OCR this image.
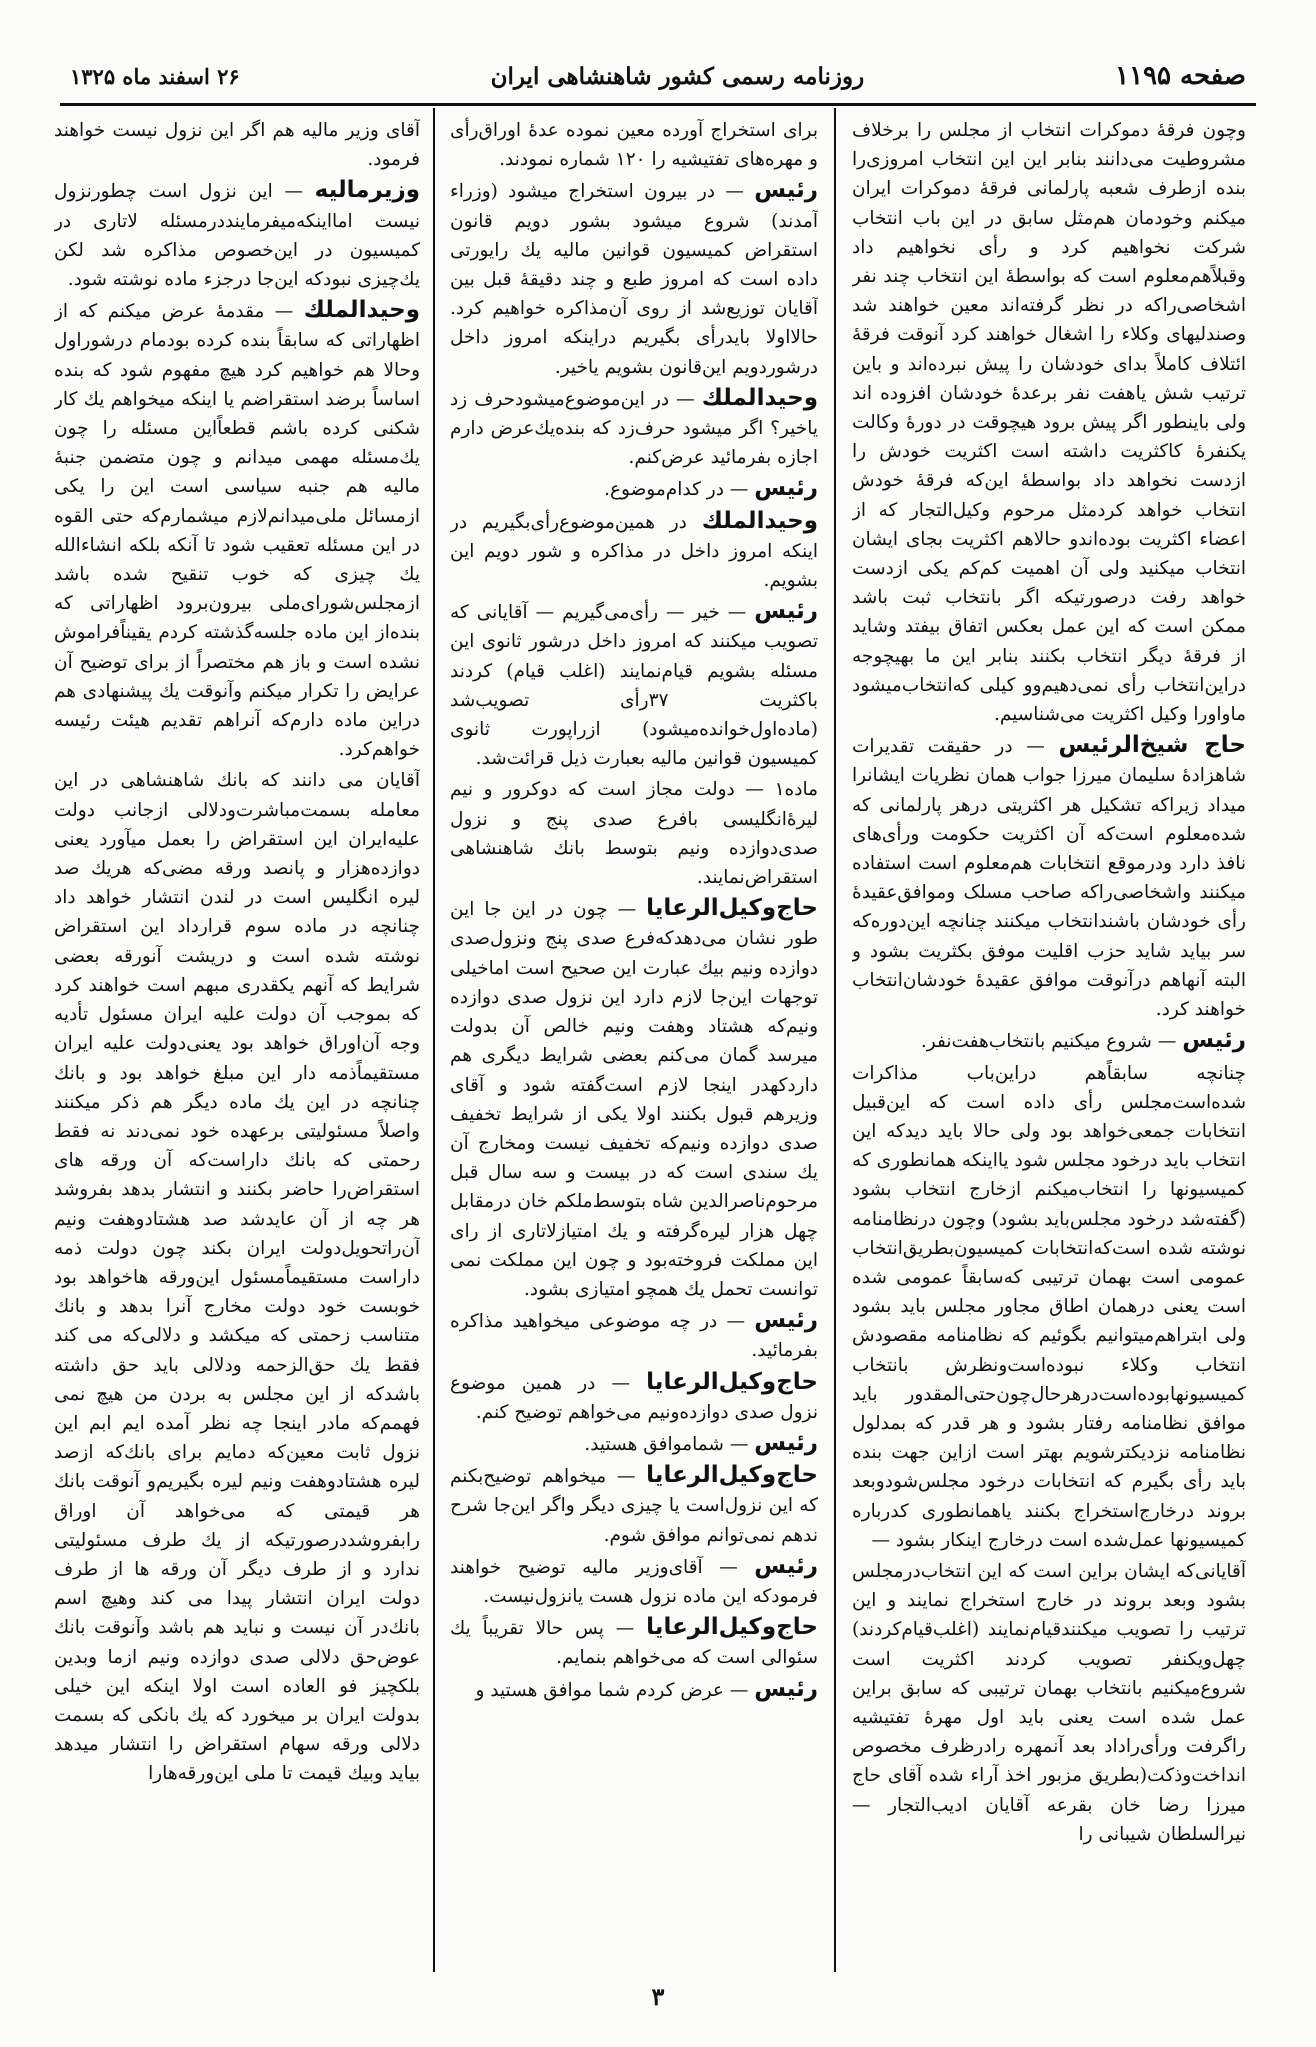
صفحه ۱۱۹۵
روزنامه رسمی کشور شاهنشاهی ایران
۲۶ اسفند ماه ۱۳۲۵

وچون فرقهٔ دموکرات انتخاب از مجلس را برخلاف مشروطیت می‌دانند بنابر این این انتخاب امروزی‌را بنده ازطرف شعبه پارلمانی فرقهٔ دموکرات ایران میکنم وخودمان هم‌مثل سابق در این باب انتخاب شرکت نخواهیم کرد و رأی نخواهیم داد وقبلاًهم‌معلوم است که بواسطهٔ این انتخاب چند نفر اشخاصی‌راکه در نظر گرفته‌اند معین خواهند شد وصندلیهای وکلاء را اشغال خواهند کرد آنوقت فرقهٔ ائتلاف کاملاً بدای خودشان را پیش نبرده‌اند و باین ترتیب شش یاهفت نفر برعدهٔ خودشان افزوده اند ولی باینطور اگر پیش برود هیچوقت در دورهٔ وکالت یکنفرهٔ کاکثریت داشته است اکثریت خودش را ازدست نخواهد داد بواسطهٔ این‌که فرقهٔ خودش انتخاب خواهد کرد‌مثل مرحوم وکیل‌التجار که از اعضاء اکثریت بوده‌اندو حالاهم اکثریت بجای ایشان انتخاب میکنید ولی آن اهمیت کم‌کم یکی ازدست خواهد رفت درصورتیکه اگر بانتخاب ثبت باشد ممکن است که این عمل بعکس اتفاق بیفتد وشاید از فرقهٔ دیگر انتخاب بکنند بنابر این ما بهیچوجه دراین‌انتخاب رأی نمی‌دهیم‌وو کیلی که‌انتخاب‌میشود ماواورا وکیل اکثریت می‌شناسیم.

حاج شیخ‌الرئیس — در حقیقت تقدیرات شاهزادهٔ سلیمان میرزا جواب همان نظریات ایشانرا میداد زیراکه تشکیل هر اکثریتی درهر پارلمانی که شده‌معلوم است‌که آن اکثریت حکومت ورأی‌های نافذ دارد ودرموقع انتخابات هم‌معلوم است استفاده میکنند واشخاصی‌راکه صاحب مسلک وموافق‌عقیدهٔ رأی خودشان باشندانتخاب میکنند چنانچه این‌دوره‌که سر بیاید شاید حزب اقلیت موفق بکثریت بشود و البته آنهاهم درآنوقت موافق عقیدهٔ خودشان‌انتخاب خواهند کرد.

رئیس — شروع میکنیم بانتخاب‌هفت‌نفر.

چنانچه سابقاًهم دراین‌باب مذاکرات شده‌است‌مجلس رأی داده است که این‌قبیل انتخابات جمعی‌خواهد بود ولی حالا باید دیدکه این انتخاب باید درخود مجلس شود یااینکه همانطوری که کمیسیونها را انتخاب‌میکنم ازخارج انتخاب بشود (گفته‌شد درخود مجلس‌باید بشود) وچون درنظامنامه نوشته شده است‌که‌انتخابات کمیسیون‌بطریق‌انتخاب عمومی است بهمان ترتیبی که‌سابقاً عمومی شده است یعنی درهمان اطاق مجاور مجلس باید بشود ولی ابتراهم‌میتوانیم بگوئیم که نظامنامه مقصودش انتخاب وکلاء نبوده‌است‌ونظرش بانتخاب کمیسیونها‌بوده‌است‌درهرحال‌چون‌حتی‌المقدور باید موافق نظامنامه رفتار بشود و هر قدر که بمدلول نظامنامه نزدیکترشویم بهتر است ازاین جهت بنده باید رأی بگیرم که انتخابات درخود مجلس‌شودوبعد بروند درخارج‌استخراج بکنند یاهمانطوری کدرباره کمیسیونها عمل‌شده است درخارج اینکار بشود —

آقایانی‌که ایشان براین است که این انتخاب‌درمجلس بشود وبعد بروند در خارج استخراج نمایند و این ترتیب را تصویب میکنند‌قیام‌نمایند (اغلب‌قیام‌کردند) چهل‌ویکنفر تصویب کردند اکثریت است شروع‌میکنیم بانتخاب بهمان ترتیبی که سابق براین عمل شده است یعنی باید اول مهرهٔ تفتیشیه راگرفت ورأی‌راداد بعد آنمهره رادرظرف مخصوص انداخت‌وذکت(بطریق مزبور اخذ آراء شده آقای حاج میرزا رضا خان بقرعه آقایان ادیب‌التجار — نیرالسلطان شیبانی را

برای استخراج آورده معین نموده عدهٔ اوراق‌رأی و مهره‌های تفتیشیه را ۱۲۰ شماره نمودند.

رئیس — در بیرون استخراج میشود (وزراء آمدند) شروع میشود بشور دویم قانون استقراض کمیسیون قوانین مالیه یك رایورتی داده است که امروز طبع و چند دقیقهٔ قبل بین آقایان توزیع‌شد از روی آن‌مذاکره خواهیم کرد. حالااولا بایدرأی بگیریم دراینکه امروز داخل درشوردویم این‌قانون بشویم یاخیر.

وحیدالملك — در این‌موضوع‌میشودحرف زد یاخیر؟ اگر میشود حرف‌زد که بنده‌یك‌عرض دارم اجازه بفرمائید عرض‌کنم.

رئیس — در کدام‌موضوع.

وحیدالملك در همین‌موضوع‌رأی‌بگیریم در اینکه امروز داخل در مذاکره و شور دویم این بشویم.

رئیس — خیر — رأی‌می‌گیریم — آقایانی که تصویب میکنند که امروز داخل درشور ثانوی این مسئله بشویم قیام‌نمایند (اغلب قیام) کردند باکثریت ۳۷رأی تصویب‌شد (ماده‌اول‌خوانده‌میشود) ازراپورت ثانوی کمیسیون قوانین مالیه بعبارت ذیل قرائت‌شد.

ماده۱ — دولت مجاز است که دوکرور و نیم لیرهٔ‌انگلیسی بافرع صدی پنج و نزول صدی‌دوازده ونیم بتوسط بانك شاهنشاهی استقراض‌نمایند.

حاج‌وکیل‌الرعایا — چون در این جا این طور نشان می‌دهدکه‌فرع صدی پنج ونزول‌صدی دوازده ونیم بیك عبارت این صحیح است اماخیلی توجهات این‌جا لازم دارد این نزول صدی دوازده ونیم‌که هشتاد وهفت ونیم خالص آن بدولت میرسد گمان می‌کنم بعضی شرایط دیگری هم دارد‌کهدر اینجا لازم است‌گفته شود و آقای وزیرهم قبول بکنند اولا یکی از شرایط تخفیف صدی دوازده ونیم‌که تخفیف نیست ومخارج آن یك سندی است که در بیست و سه سال قبل مرحوم‌ناصرالدین شاه بتوسط‌ملکم خان درمقابل چهل هزار لیره‌گرفته و یك امتیازلاتاری از رای این مملکت فروخته‌بود و چون این مملکت نمی توانست تحمل یك همچو امتیازی بشود.

رئیس — در چه موضوعی میخواهید مذاکره بفرمائید.

حاج‌وکیل‌الرعایا — در همین موضوع نزول صدی دوازده‌ونیم می‌خواهم توضیح کنم.

رئیس — شماموافق هستید.

حاج‌وکیل‌الرعایا — میخواهم توضیح‌بکنم که این نزول‌است یا چیزی دیگر واگر این‌جا شرح ندهم نمی‌توانم موافق شوم.

رئیس — آقای‌وزیر مالیه توضیح خواهند فرمودکه این ماده نزول هست یانزول‌نیست.

حاج‌وکیل‌الرعایا — پس حالا تقریباً یك سئوالی است که می‌خواهم بنمایم.

رئیس — عرض کردم شما موافق هستید و

آقای وزیر مالیه هم اگر این نزول نیست خواهند فرمود.

وزیرمالیه — این نزول است چطورنزول نیست امااینکه‌میفرمایند‌درمسئله لاتاری در کمیسیون در این‌خصوص مذاکره شد لکن یك‌چیزی نبودکه این‌جا درجزء ماده نوشته شود.

وحیدالملك — مقدمهٔ عرض میکنم که از اظهاراتی که سابقاً بنده کرده بودمام درشوراول وحالا هم خواهیم کرد هیچ مفهوم شود که بنده اساساً برضد استقراضم یا اینکه میخواهم یك کار شکنی کرده باشم قطعاًاین مسئله را چون یك‌مسئله مهمی میدانم و چون متضمن جنبهٔ مالیه هم جنبه سیاسی است این را یکی ازمسائل ملی‌میدانم‌لازم میشمارم‌که حتی القوه در این مسئله تعقیب شود تا آنکه بلکه انشاءالله یك چیزی که خوب تنقیح شده باشد ازمجلس‌شورای‌ملی بیرون‌برود اظهاراتی که بنده‌از این ماده جلسه‌گذشته کردم یقیناًفراموش نشده است و باز هم مختصراً از برای توضیح آن عرایض را تکرار میکنم وآنوقت یك پیشنهادی هم دراین ماده دارم‌که آنراهم تقدیم هیئت رئیسه خواهم‌کرد.

آقایان می دانند که بانك شاهنشاهی در این معامله بسمت‌مباشرت‌ودلالی ازجانب دولت علیه‌ایران این استقراض را بعمل میآورد یعنی دوازده‌هزار و پانصد ورقه مضی‌که هریك صد لیره انگلیس است در لندن انتشار خواهد داد چنانچه در ماده سوم قرارداد این استقراض نوشته شده است و دریشت آنورقه بعضی شرایط که آنهم یکقدری مبهم است خواهند کرد که بموجب آن دولت علیه ایران مسئول تأدیه وجه آن‌اوراق خواهد بود یعنی‌دولت علیه ایران مستقیماًذمه دار این مبلغ خواهد بود و بانك چنانچه در این یك ماده دیگر هم ذکر میکنند واصلاً مسئولیتی برعهده خود نمی‌دند نه فقط رحمتی که بانك داراست‌که آن ورقه های استقراض‌را حاضر بکنند و انتشار بدهد بفروشد هر چه از آن عایدشد صد هشتادوهفت ونیم آن‌راتحویل‌دولت ایران بکند چون دولت ذمه داراست مستقیماًمسئول این‌ورقه هاخواهد بود خوبست خود دولت مخارج آنرا بدهد و بانك متناسب زحمتی که میکشد و دلالی‌که می کند فقط یك حق‌الزحمه ودلالی باید حق داشته باشدکه از این مجلس به بردن من هیچ نمی فهمم‌که مادر اینجا چه نظر آمده ایم ابم این نزول ثابت معین‌که دمایم برای بانك‌که ازصد لیره هشتادوهفت ونیم لیره بگیریم‌و آنوقت بانك هر قیمتی که می‌خواهد آن اوراق رابفروشد‌درصورتیکه از یك طرف مسئولیتی ندارد و از طرف دیگر آن ورقه ها از طرف دولت ایران انتشار پیدا می کند وهیچ اسم بانك‌در آن نیست و نباید هم باشد وآنوقت بانك عوض‌حق دلالی صدی دوازده ونیم ازما وبدین بلکچیز فو العاده است اولا اینکه این خیلی بدولت ایران بر میخورد که یك بانکی که بسمت دلالی ورقه سهام استقراض را انتشار میدهد بیاید وبیك قیمت تا ملی این‌ورقه‌ها‌را

۳
